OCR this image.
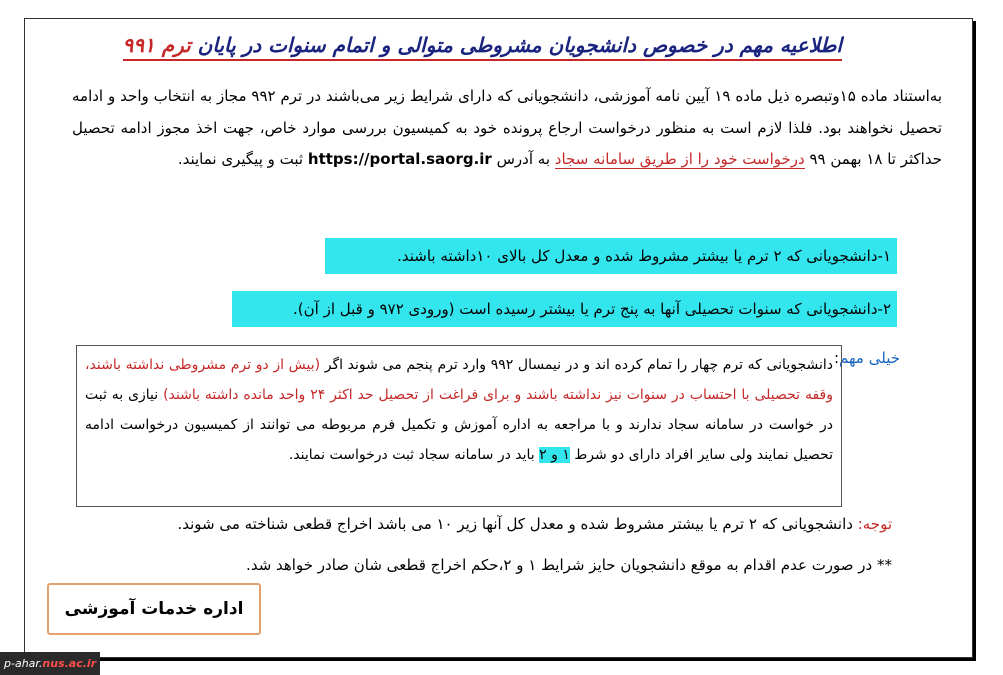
اطلاعیه مهم در خصوص دانشجویان مشروطی متوالی و اتمام سنوات در پایان ترم ۹۹۱
به‌استناد ماده ۱۵وتبصره ذیل ماده ۱۹ آیین نامه آموزشی، دانشجویانی که دارای شرایط زیر می‌باشند در ترم ۹۹۲ مجاز به انتخاب واحد و ادامه تحصیل نخواهند بود. فلذا لازم است به منظور درخواست ارجاع پرونده خود به کمیسیون بررسی موارد خاص، جهت اخذ مجوز ادامه تحصیل حداکثر تا ۱۸ بهمن ۹۹ درخواست خود را از طریق سامانه سجاد به آدرس https://portal.saorg.ir ثبت و پیگیری نمایند.
۱-دانشجویانی که ۲ ترم یا بیشتر مشروط شده و معدل کل بالای ۱۰داشته باشند.
۲-دانشجویانی که سنوات تحصیلی آنها به پنج ترم یا بیشتر رسیده است (ورودی ۹۷۲ و قبل از آن).
خیلی مهم:
دانشجویانی که ترم چهار را تمام کرده اند و در نیمسال ۹۹۲ وارد ترم پنجم می شوند اگر (بیش از دو ترم مشروطی نداشته باشند، وقفه تحصیلی با احتساب در سنوات نیز نداشته باشند و برای فراغت از تحصیل حد اکثر ۲۴ واحد مانده داشته باشند) نیازی به ثبت در خواست در سامانه سجاد ندارند و با مراجعه به اداره آموزش و تکمیل فرم مربوطه می توانند از کمیسیون درخواست ادامه تحصیل نمایند ولی سایر افراد دارای دو شرط ۱ و ۲ باید در سامانه سجاد ثبت درخواست نمایند.
توجه: دانشجویانی که ۲ ترم یا بیشتر مشروط شده و معدل کل آنها زیر ۱۰ می باشد اخراج قطعی شناخته می شوند.
** در صورت عدم اقدام به موقع دانشجویان حایز شرایط ۱ و ۲،حکم اخراج قطعی شان صادر خواهد شد.
اداره خدمات آموزشی
p-ahar.nus.ac.ir
